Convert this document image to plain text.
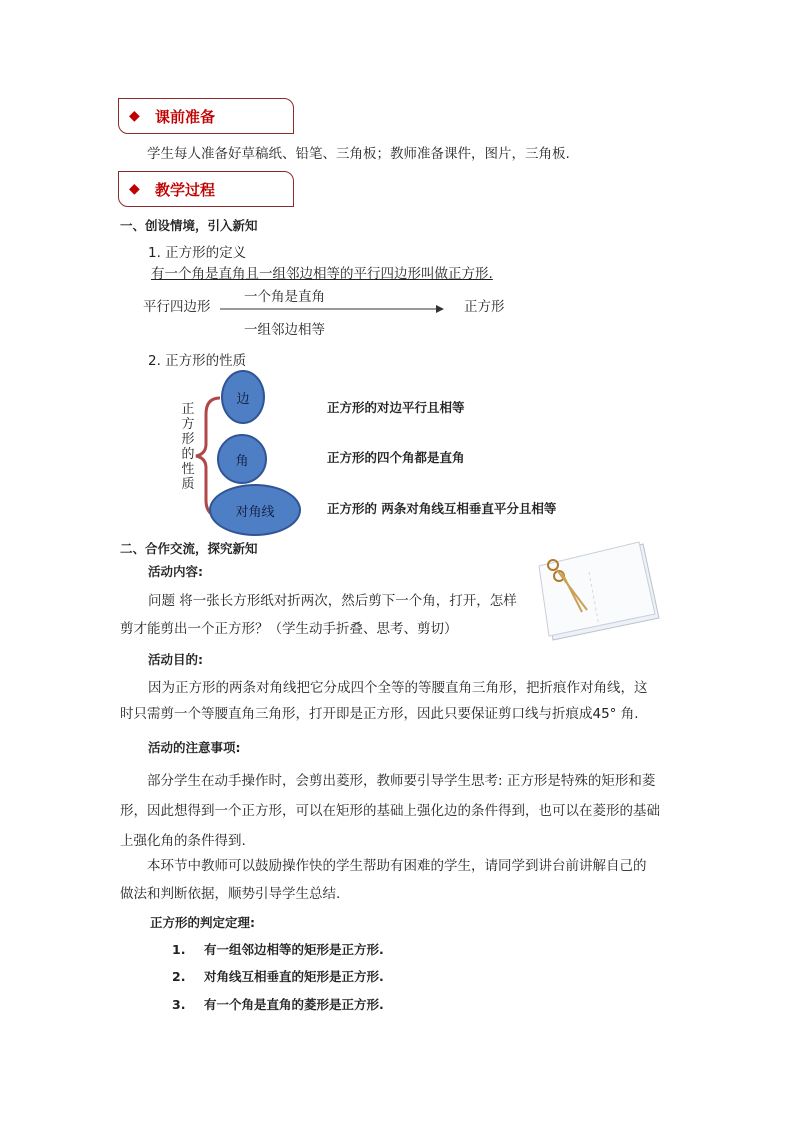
◆ 课前准备
学生每人准备好草稿纸、铅笔、三角板；教师准备课件，图片，三角板.
◆ 教学过程
一、创设情境，引入新知
1. 正方形的定义
有一个角是直角且一组邻边相等的平行四边形叫做正方形.
平行四边形
一个角是直角
一组邻边相等
正方形
2. 正方形的性质
正方形的性质
边
角
对角线
正方形的对边平行且相等
正方形的四个角都是直角
正方形的 两条对角线互相垂直平分且相等
二、合作交流，探究新知
活动内容:
问题 将一张长方形纸对折两次，然后剪下一个角，打开，怎样
剪才能剪出一个正方形？（学生动手折叠、思考、剪切）
活动目的:
因为正方形的两条对角线把它分成四个全等的等腰直角三角形，把折痕作对角线，这
时只需剪一个等腰直角三角形，打开即是正方形，因此只要保证剪口线与折痕成45° 角.
活动的注意事项:
部分学生在动手操作时，会剪出菱形，教师要引导学生思考: 正方形是特殊的矩形和菱
形，因此想得到一个正方形，可以在矩形的基础上强化边的条件得到，也可以在菱形的基础
上强化角的条件得到.
本环节中教师可以鼓励操作快的学生帮助有困难的学生，请同学到讲台前讲解自己的
做法和判断依据，顺势引导学生总结.
正方形的判定定理:
1. 有一组邻边相等的矩形是正方形.
2. 对角线互相垂直的矩形是正方形.
3. 有一个角是直角的菱形是正方形.
